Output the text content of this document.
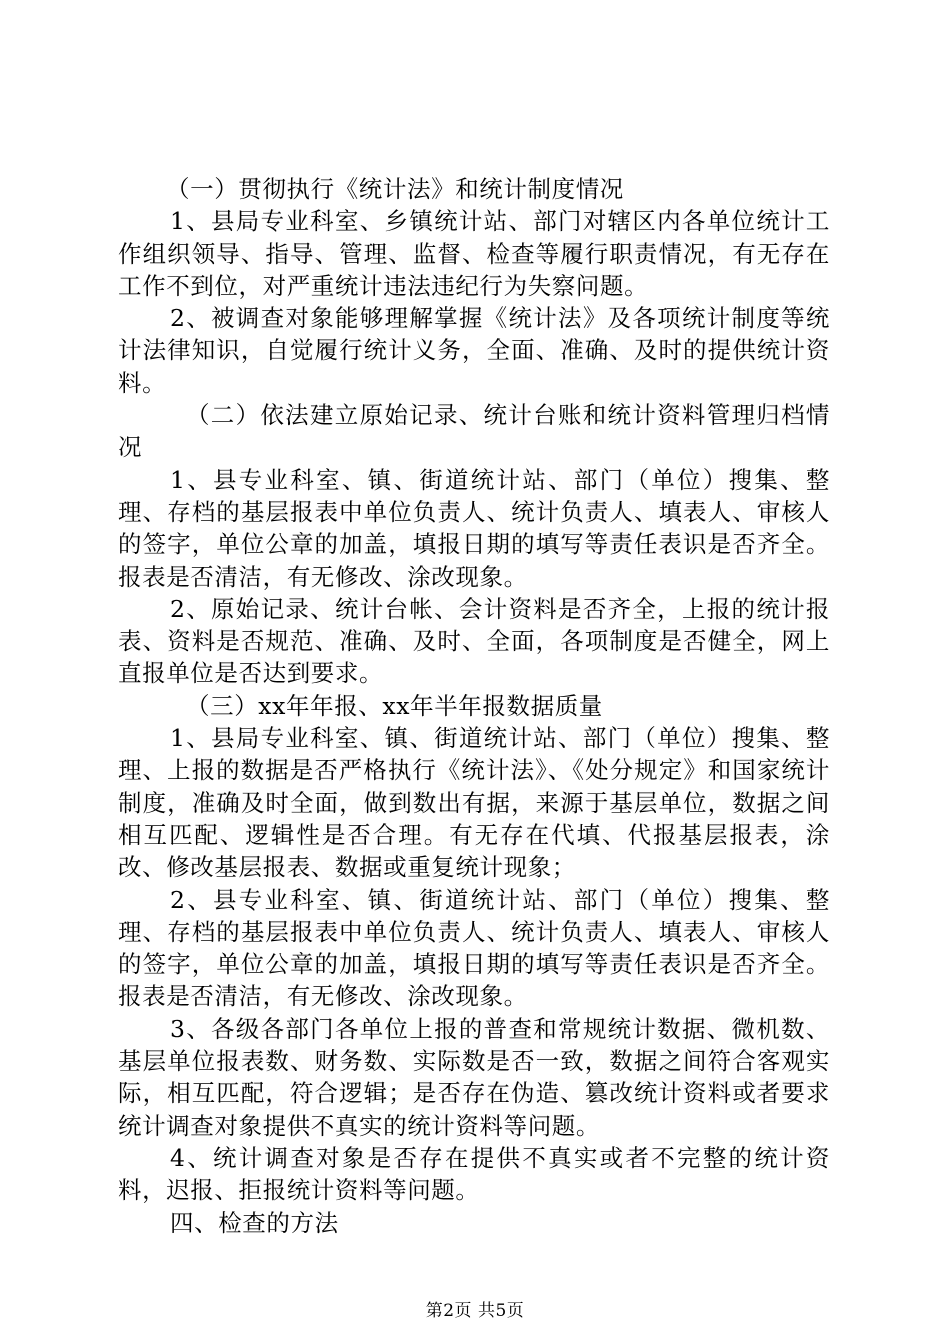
（一）贯彻执行《统计法》和统计制度情况

1、县局专业科室、乡镇统计站、部门对辖区内各单位统计工作组织领导、指导、管理、监督、检查等履行职责情况，有无存在工作不到位，对严重统计违法违纪行为失察问题。

2、被调查对象能够理解掌握《统计法》及各项统计制度等统计法律知识，自觉履行统计义务，全面、准确、及时的提供统计资料。

（二）依法建立原始记录、统计台账和统计资料管理归档情况

1、县专业科室、镇、街道统计站、部门（单位）搜集、整理、存档的基层报表中单位负责人、统计负责人、填表人、审核人的签字，单位公章的加盖，填报日期的填写等责任表识是否齐全。报表是否清洁，有无修改、涂改现象。

2、原始记录、统计台帐、会计资料是否齐全，上报的统计报表、资料是否规范、准确、及时、全面，各项制度是否健全，网上直报单位是否达到要求。

（三）xx年年报、xx年半年报数据质量

1、县局专业科室、镇、街道统计站、部门（单位）搜集、整理、上报的数据是否严格执行《统计法》、《处分规定》和国家统计制度，准确及时全面，做到数出有据，来源于基层单位，数据之间相互匹配、逻辑性是否合理。有无存在代填、代报基层报表，涂改、修改基层报表、数据或重复统计现象；

2、县专业科室、镇、街道统计站、部门（单位）搜集、整理、存档的基层报表中单位负责人、统计负责人、填表人、审核人的签字，单位公章的加盖，填报日期的填写等责任表识是否齐全。报表是否清洁，有无修改、涂改现象。

3、各级各部门各单位上报的普查和常规统计数据、微机数、基层单位报表数、财务数、实际数是否一致，数据之间符合客观实际，相互匹配，符合逻辑；是否存在伪造、篡改统计资料或者要求统计调查对象提供不真实的统计资料等问题。

4、统计调查对象是否存在提供不真实或者不完整的统计资料，迟报、拒报统计资料等问题。

四、检查的方法

第2页 共5页
